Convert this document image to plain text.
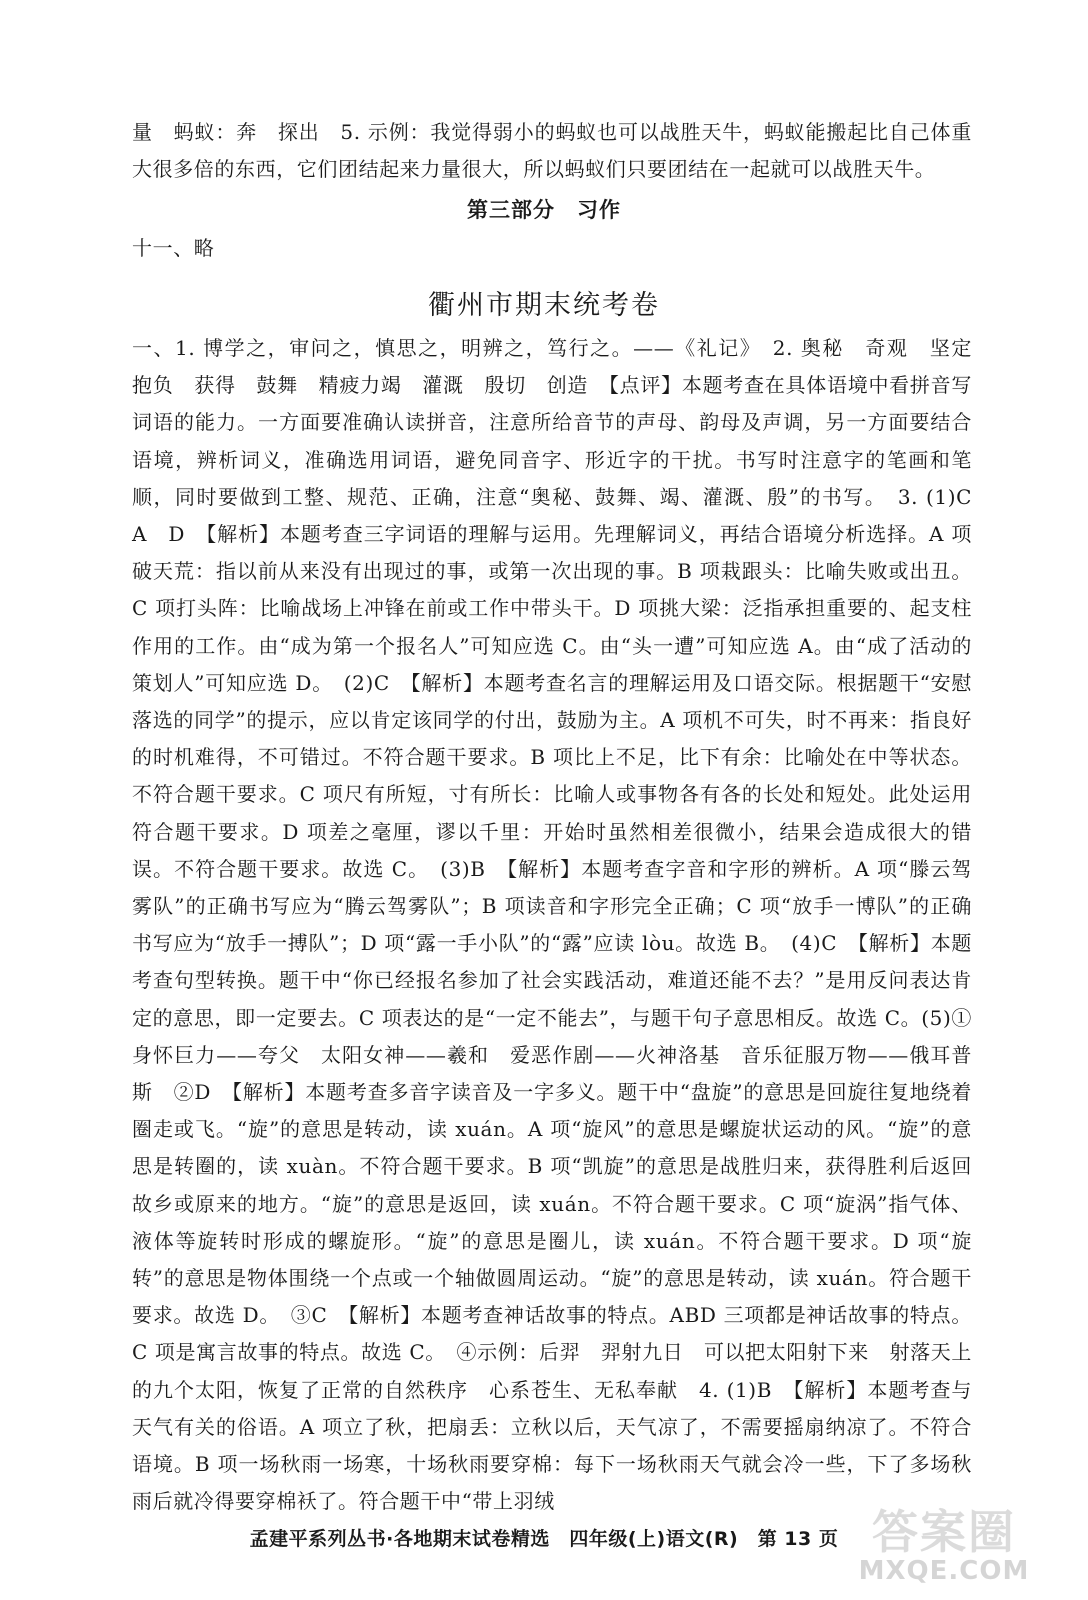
量　蚂蚁：奔　探出　5. 示例：我觉得弱小的蚂蚁也可以战胜天牛，蚂蚁能搬起比自己体重大很多倍的东西，它们团结起来力量很大，所以蚂蚁们只要团结在一起就可以战胜天牛。

第三部分　习作

十一、略

衢州市期末统考卷

一、1. 博学之，审问之，慎思之，明辨之，笃行之。——《礼记》　2. 奥秘　奇观　坚定　抱负　获得　鼓舞　精疲力竭　灌溉　殷切　创造　【点评】本题考查在具体语境中看拼音写词语的能力。一方面要准确认读拼音，注意所给音节的声母、韵母及声调，另一方面要结合语境，辨析词义，准确选用词语，避免同音字、形近字的干扰。书写时注意字的笔画和笔顺，同时要做到工整、规范、正确，注意“奥秘、鼓舞、竭、灌溉、殷”的书写。　3. (1)C　A　D　【解析】本题考查三字词语的理解与运用。先理解词义，再结合语境分析选择。A 项破天荒：指以前从来没有出现过的事，或第一次出现的事。B 项栽跟头：比喻失败或出丑。C 项打头阵：比喻战场上冲锋在前或工作中带头干。D 项挑大梁：泛指承担重要的、起支柱作用的工作。由“成为第一个报名人”可知应选 C。由“头一遭”可知应选 A。由“成了活动的策划人”可知应选 D。　(2)C　【解析】本题考查名言的理解运用及口语交际。根据题干“安慰落选的同学”的提示，应以肯定该同学的付出，鼓励为主。A 项机不可失，时不再来：指良好的时机难得，不可错过。不符合题干要求。B 项比上不足，比下有余：比喻处在中等状态。不符合题干要求。C 项尺有所短，寸有所长：比喻人或事物各有各的长处和短处。此处运用符合题干要求。D 项差之毫厘，谬以千里：开始时虽然相差很微小，结果会造成很大的错误。不符合题干要求。故选 C。　(3)B　【解析】本题考查字音和字形的辨析。A 项“滕云驾雾队”的正确书写应为“腾云驾雾队”；B 项读音和字形完全正确；C 项“放手一博队”的正确书写应为“放手一搏队”；D 项“露一手小队”的“露”应读 lòu。故选 B。　(4)C　【解析】本题考查句型转换。题干中“你已经报名参加了社会实践活动，难道还能不去？”是用反问表达肯定的意思，即一定要去。C 项表达的是“一定不能去”，与题干句子意思相反。故选 C。(5)①身怀巨力——夸父　太阳女神——羲和　爱恶作剧——火神洛基　音乐征服万物——俄耳普斯　②D　【解析】本题考查多音字读音及一字多义。题干中“盘旋”的意思是回旋往复地绕着圈走或飞。“旋”的意思是转动，读 xuán。A 项“旋风”的意思是螺旋状运动的风。“旋”的意思是转圈的，读 xuàn。不符合题干要求。B 项“凯旋”的意思是战胜归来，获得胜利后返回故乡或原来的地方。“旋”的意思是返回，读 xuán。不符合题干要求。C 项“旋涡”指气体、液体等旋转时形成的螺旋形。“旋”的意思是圈儿，读 xuán。不符合题干要求。D 项“旋转”的意思是物体围绕一个点或一个轴做圆周运动。“旋”的意思是转动，读 xuán。符合题干要求。故选 D。　③C　【解析】本题考查神话故事的特点。ABD 三项都是神话故事的特点。C 项是寓言故事的特点。故选 C。　④示例：后羿　羿射九日　可以把太阳射下来　射落天上的九个太阳，恢复了正常的自然秩序　心系苍生、无私奉献　4. (1)B　【解析】本题考查与天气有关的俗语。A 项立了秋，把扇丢：立秋以后，天气凉了，不需要摇扇纳凉了。不符合语境。B 项一场秋雨一场寒，十场秋雨要穿棉：每下一场秋雨天气就会冷一些，下了多场秋雨后就冷得要穿棉袄了。符合题干中“带上羽绒

孟建平系列丛书·各地期末试卷精选　四年级(上)语文(R)　第 13 页 答案圈
MXQE.COM
